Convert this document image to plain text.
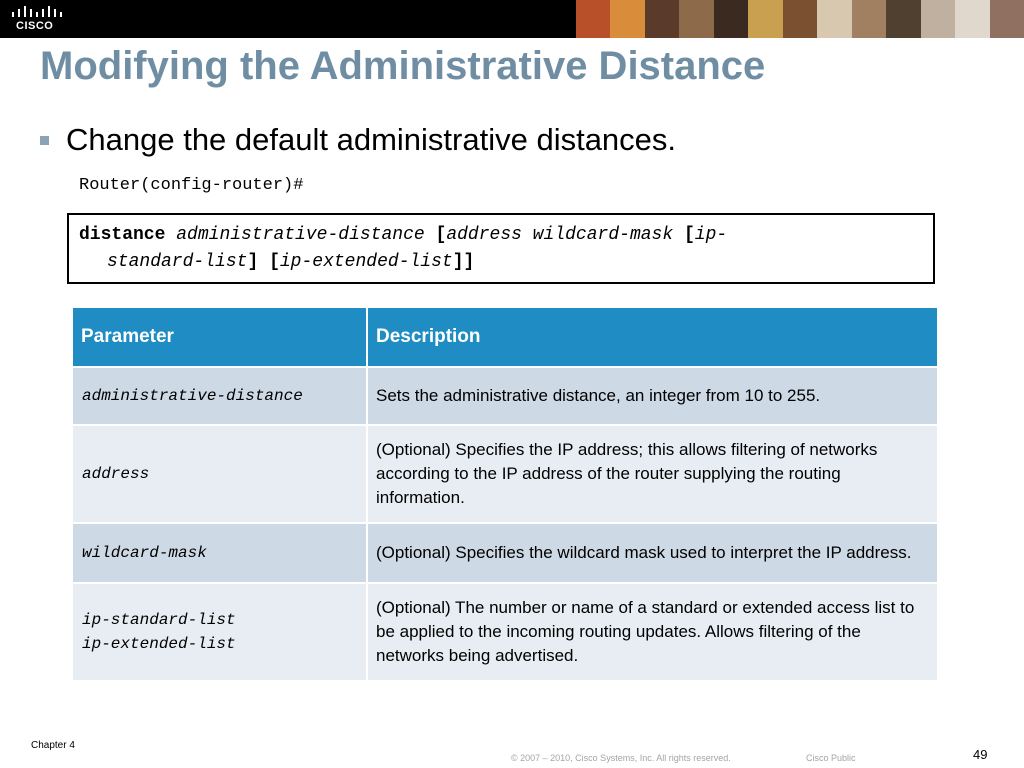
CISCO
Modifying the Administrative Distance
Change the default administrative distances.
Router(config-router)#
distance administrative-distance [address wildcard-mask [ip-
standard-list] [ip-extended-list]]
Parameter	Description

administrative-distance	Sets the administrative distance, an integer from 10 to 255.

address	(Optional) Specifies the IP address; this allows filtering of networks according to the IP address of the router supplying the routing information.

wildcard-mask	(Optional) Specifies the wildcard mask used to interpret the IP address.

ip-standard-list
ip-extended-list	(Optional) The number or name of a standard or extended access list to be applied to the incoming routing updates. Allows filtering of the networks being advertised.
Chapter 4
© 2007 – 2010, Cisco Systems, Inc. All rights reserved.	Cisco Public	49
